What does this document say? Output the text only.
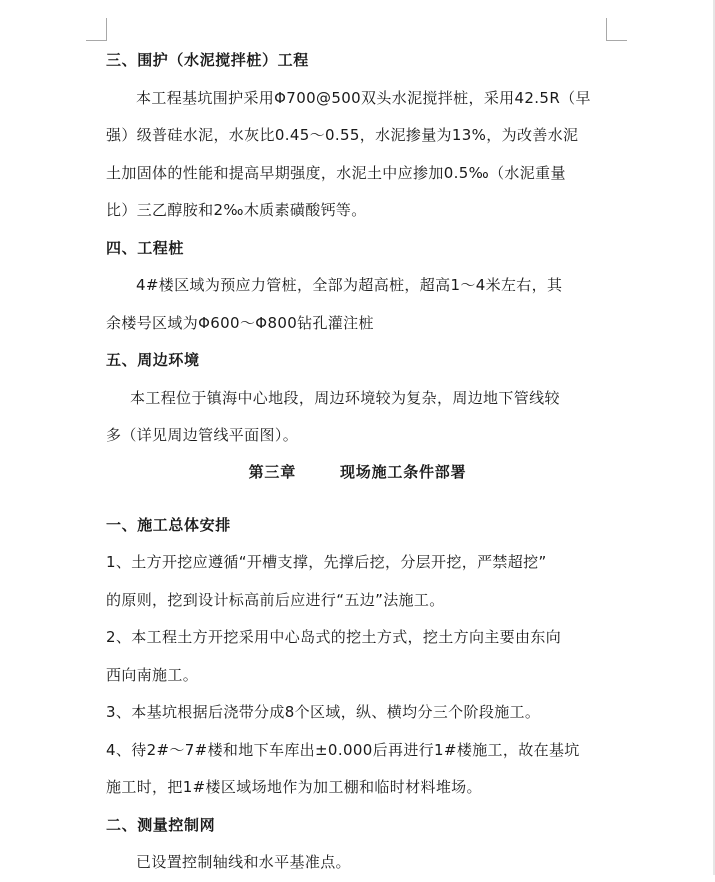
三、围护（水泥搅拌桩）工程
本工程基坑围护采用Φ700@500双头水泥搅拌桩，采用42.5R（早
强）级普硅水泥，水灰比0.45～0.55，水泥掺量为13%，为改善水泥
土加固体的性能和提高早期强度，水泥土中应掺加0.5‰（水泥重量
比）三乙醇胺和2‰木质素磺酸钙等。
四、工程桩
4#楼区域为预应力管桩，全部为超高桩，超高1～4米左右，其
余楼号区域为Φ600～Φ800钻孔灌注桩
五、周边环境
本工程位于镇海中心地段，周边环境较为复杂，周边地下管线较
多（详见周边管线平面图）。
第三章	现场施工条件部署
一、施工总体安排
1、土方开挖应遵循“开槽支撑，先撑后挖，分层开挖，严禁超挖”
的原则，挖到设计标高前后应进行“五边”法施工。
2、本工程土方开挖采用中心岛式的挖土方式，挖土方向主要由东向
西向南施工。
3、本基坑根据后浇带分成8个区域，纵、横均分三个阶段施工。
4、待2#～7#楼和地下车库出±0.000后再进行1#楼施工，故在基坑
施工时，把1#楼区域场地作为加工棚和临时材料堆场。
二、测量控制网
已设置控制轴线和水平基准点。
